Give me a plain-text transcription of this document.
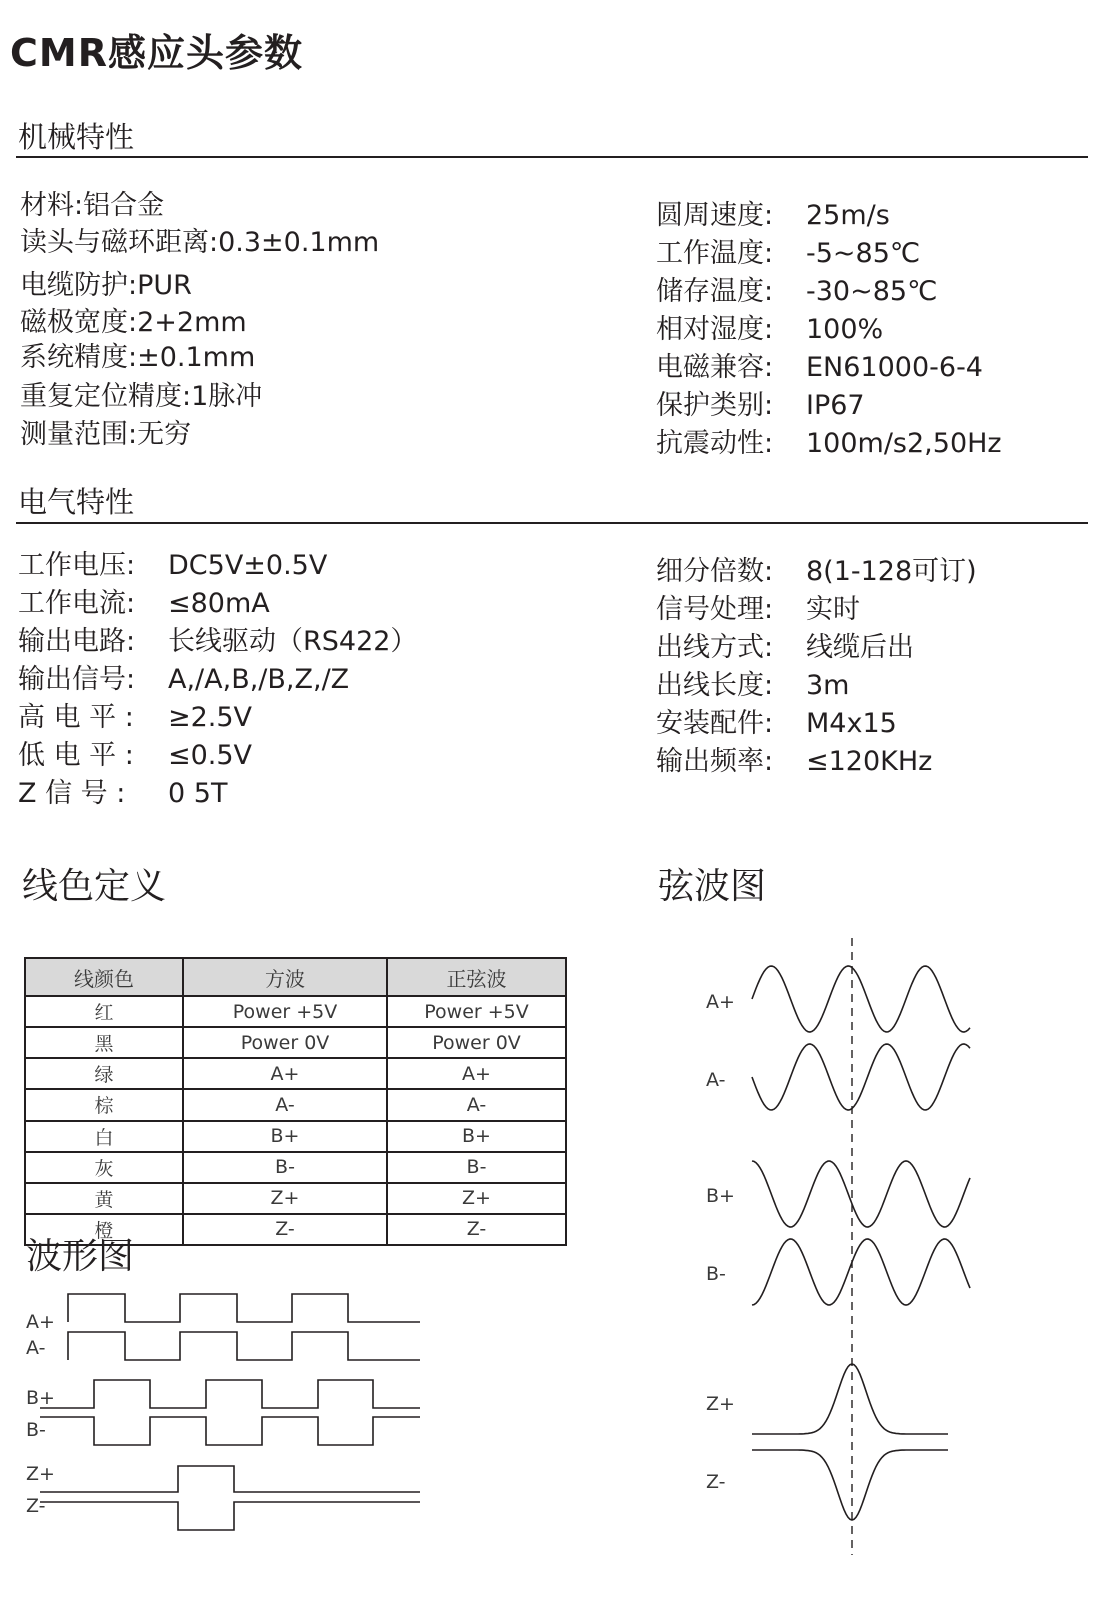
CMR感应头参数
机械特性
材料:铝合金
读头与磁环距离:0.3±0.1mm
电缆防护:PUR
磁极宽度:2+2mm
系统精度:±0.1mm
重复定位精度:1脉冲
测量范围:无穷
圆周速度: 25m/s
工作温度: -5~85℃
储存温度: -30~85℃
相对湿度: 100%
电磁兼容: EN61000-6-4
保护类别: IP67
抗震动性: 100m/s2,50Hz
电气特性
工作电压: DC5V±0.5V
工作电流: ≤80mA
输出电路: 长线驱动（RS422）
输出信号: A,/A,B,/B,Z,/Z
高 电 平 : ≥2.5V
低 电 平 : ≤0.5V
Z 信 号 : 0 5T
细分倍数: 8(1-128可订)
信号处理: 实时
出线方式: 线缆后出
出线长度: 3m
安装配件: M4x15
输出频率: ≤120KHz
线色定义
线颜色	方波	正弦波
红	Power +5V	Power +5V
黑	Power 0V	Power 0V
绿	A+	A+
棕	A-	A-
白	B+	B+
灰	B-	B-
黄	Z+	Z+
橙	Z-	Z-
波形图
A+
A-
B+
B-
Z+
Z-
弦波图
A+
A-
B+
B-
Z+
Z-
